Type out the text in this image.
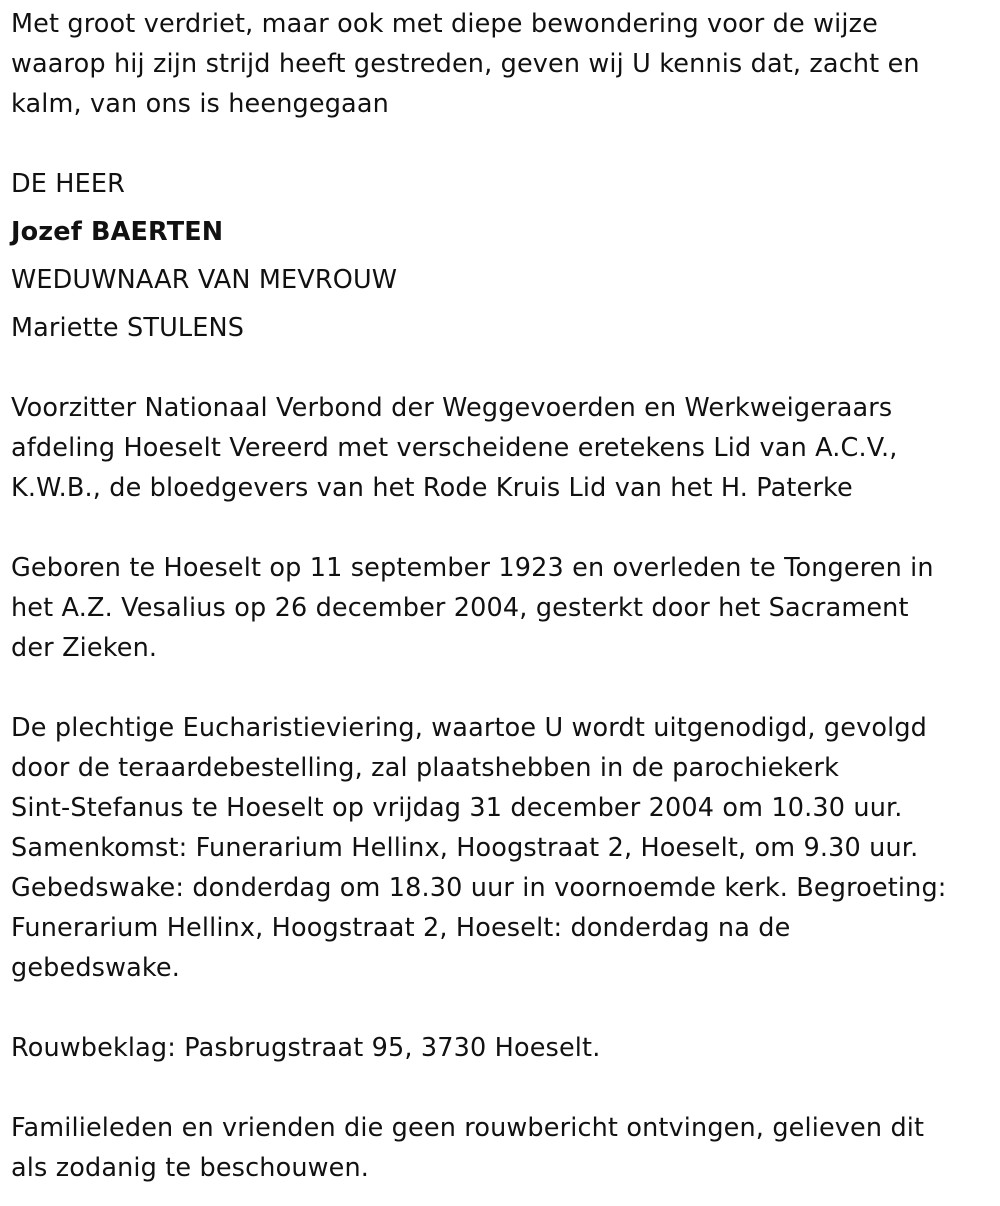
Met groot verdriet, maar ook met diepe bewondering voor de wijze
waarop hij zijn strijd heeft gestreden, geven wij U kennis dat, zacht en
kalm, van ons is heengegaan

DE HEER
Jozef BAERTEN
WEDUWNAAR VAN MEVROUW
Mariette STULENS

Voorzitter Nationaal Verbond der Weggevoerden en Werkweigeraars
afdeling Hoeselt Vereerd met verscheidene eretekens Lid van A.C.V.,
K.W.B., de bloedgevers van het Rode Kruis Lid van het H. Paterke

Geboren te Hoeselt op 11 september 1923 en overleden te Tongeren in
het A.Z. Vesalius op 26 december 2004, gesterkt door het Sacrament
der Zieken.

De plechtige Eucharistieviering, waartoe U wordt uitgenodigd, gevolgd
door de teraardebestelling, zal plaatshebben in de parochiekerk
Sint-Stefanus te Hoeselt op vrijdag 31 december 2004 om 10.30 uur.
Samenkomst: Funerarium Hellinx, Hoogstraat 2, Hoeselt, om 9.30 uur.
Gebedswake: donderdag om 18.30 uur in voornoemde kerk. Begroeting:
Funerarium Hellinx, Hoogstraat 2, Hoeselt: donderdag na de
gebedswake.

Rouwbeklag: Pasbrugstraat 95, 3730 Hoeselt.

Familieleden en vrienden die geen rouwbericht ontvingen, gelieven dit
als zodanig te beschouwen.
